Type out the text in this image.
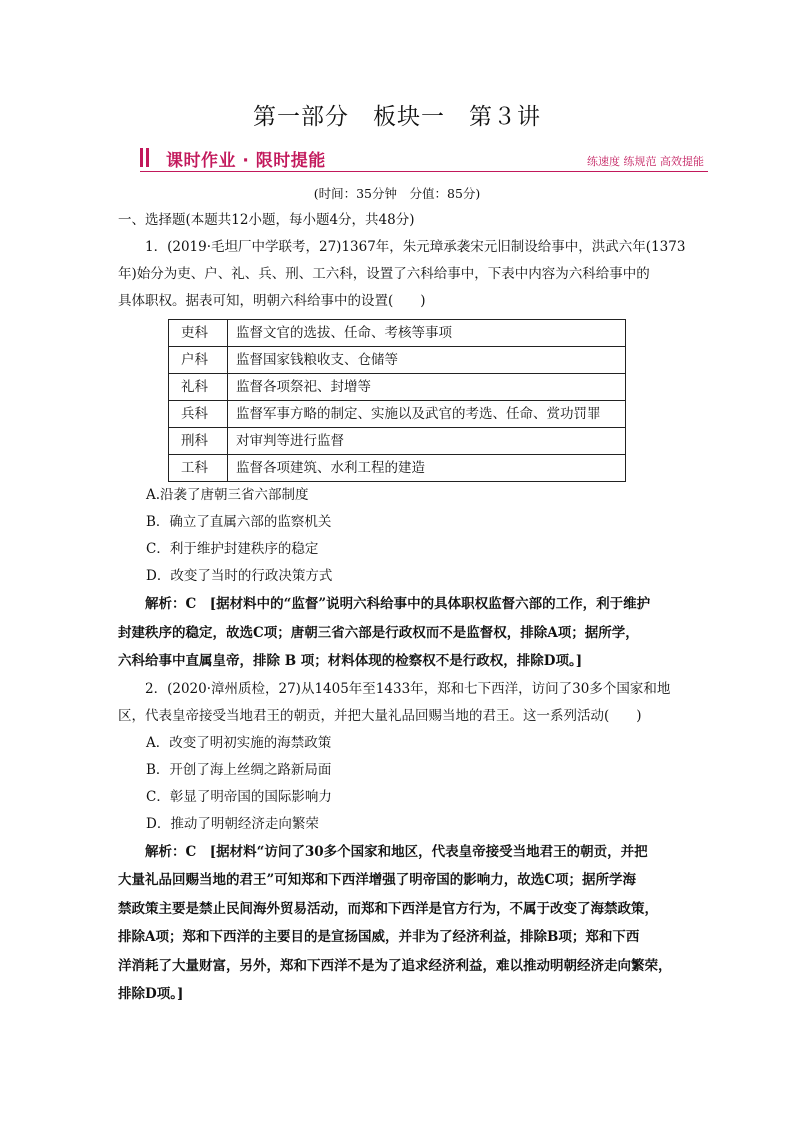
第一部分　板块一　第３讲
课时作业 · 限时提能	练速度 练规范 高效提能
(时间：35分钟　分值：85分)

一、选择题(本题共12小题，每小题4分，共48分)

1．(2019·毛坦厂中学联考，27)1367年，朱元璋承袭宋元旧制设给事中，洪武六年(1373

年)始分为吏、户、礼、兵、刑、工六科，设置了六科给事中，下表中内容为六科给事中的

具体职权。据表可知，明朝六科给事中的设置(　　)

吏科	监督文官的选拔、任命、考核等事项
户科	监督国家钱粮收支、仓储等
礼科	监督各项祭祀、封增等
兵科	监督军事方略的制定、实施以及武官的考选、任命、赏功罚罪
刑科	对审判等进行监督
工科	监督各项建筑、水利工程的建造

A.沿袭了唐朝三省六部制度

B．确立了直属六部的监察机关

C．利于维护封建秩序的稳定

D．改变了当时的行政决策方式

解析：C　[据材料中的“监督”说明六科给事中的具体职权监督六部的工作，利于维护

封建秩序的稳定，故选C项；唐朝三省六部是行政权而不是监督权，排除A项；据所学，

六科给事中直属皇帝，排除 B 项；材料体现的检察权不是行政权，排除D项。]

2．(2020·漳州质检，27)从1405年至1433年，郑和七下西洋，访问了30多个国家和地

区，代表皇帝接受当地君王的朝贡，并把大量礼品回赐当地的君王。这一系列活动(　　)

A．改变了明初实施的海禁政策

B．开创了海上丝绸之路新局面

C．彰显了明帝国的国际影响力

D．推动了明朝经济走向繁荣

解析：C　[据材料“访问了30多个国家和地区，代表皇帝接受当地君王的朝贡，并把

大量礼品回赐当地的君王”可知郑和下西洋增强了明帝国的影响力，故选C项；据所学海

禁政策主要是禁止民间海外贸易活动，而郑和下西洋是官方行为，不属于改变了海禁政策，

排除A项；郑和下西洋的主要目的是宣扬国威，并非为了经济利益，排除B项；郑和下西

洋消耗了大量财富，另外，郑和下西洋不是为了追求经济利益，难以推动明朝经济走向繁荣，

排除D项。]
